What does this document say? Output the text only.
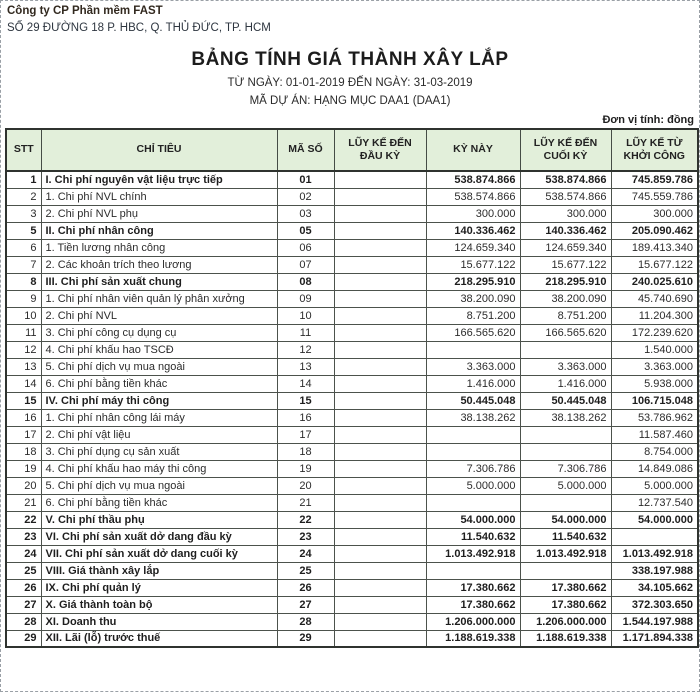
Công ty CP Phần mềm FAST
SỐ 29 ĐƯỜNG 18 P. HBC, Q. THỦ ĐỨC, TP. HCM
BẢNG TÍNH GIÁ THÀNH XÂY LẮP
TỪ NGÀY: 01-01-2019 ĐẾN NGÀY: 31-03-2019
MÃ DỰ ÁN: HẠNG MỤC DAA1 (DAA1)
Đơn vị tính: đồng
STT	CHỈ TIÊU	MÃ SỐ	LŨY KẾ ĐẾN ĐẦU KỲ	KỲ NÀY	LŨY KẾ ĐẾN CUỐI KỲ	LŨY KẾ TỪ KHỞI CÔNG
1	I. Chi phí nguyên vật liệu trực tiếp	01		538.874.866	538.874.866	745.859.786
2	1. Chi phí NVL chính	02		538.574.866	538.574.866	745.559.786
3	2. Chi phí NVL phụ	03		300.000	300.000	300.000
5	II. Chi phí nhân công	05		140.336.462	140.336.462	205.090.462
6	1. Tiền lương nhân công	06		124.659.340	124.659.340	189.413.340
7	2. Các khoản trích theo lương	07		15.677.122	15.677.122	15.677.122
8	III. Chi phí sản xuất chung	08		218.295.910	218.295.910	240.025.610
9	1. Chi phí nhân viên quản lý phân xưởng	09		38.200.090	38.200.090	45.740.690
10	2. Chi phí NVL	10		8.751.200	8.751.200	11.204.300
11	3. Chi phí công cụ dụng cụ	11		166.565.620	166.565.620	172.239.620
12	4. Chi phí khấu hao TSCĐ	12				1.540.000
13	5. Chi phí dịch vụ mua ngoài	13		3.363.000	3.363.000	3.363.000
14	6. Chi phí bằng tiền khác	14		1.416.000	1.416.000	5.938.000
15	IV. Chi phí máy thi công	15		50.445.048	50.445.048	106.715.048
16	1. Chi phí nhân công lái máy	16		38.138.262	38.138.262	53.786.962
17	2. Chi phí vật liệu	17				11.587.460
18	3. Chi phí dụng cụ sản xuất	18				8.754.000
19	4. Chi phí khấu hao máy thi công	19		7.306.786	7.306.786	14.849.086
20	5. Chi phí dịch vụ mua ngoài	20		5.000.000	5.000.000	5.000.000
21	6. Chi phí bằng tiền khác	21				12.737.540
22	V. Chi phí thầu phụ	22		54.000.000	54.000.000	54.000.000
23	VI. Chi phí sản xuất dở dang đầu kỳ	23		11.540.632	11.540.632	
24	VII. Chi phí sản xuất dở dang cuối kỳ	24		1.013.492.918	1.013.492.918	1.013.492.918
25	VIII. Giá thành xây lắp	25				338.197.988
26	IX. Chi phí quản lý	26		17.380.662	17.380.662	34.105.662
27	X. Giá thành toàn bộ	27		17.380.662	17.380.662	372.303.650
28	XI. Doanh thu	28		1.206.000.000	1.206.000.000	1.544.197.988
29	XII. Lãi (lỗ) trước thuế	29		1.188.619.338	1.188.619.338	1.171.894.338
